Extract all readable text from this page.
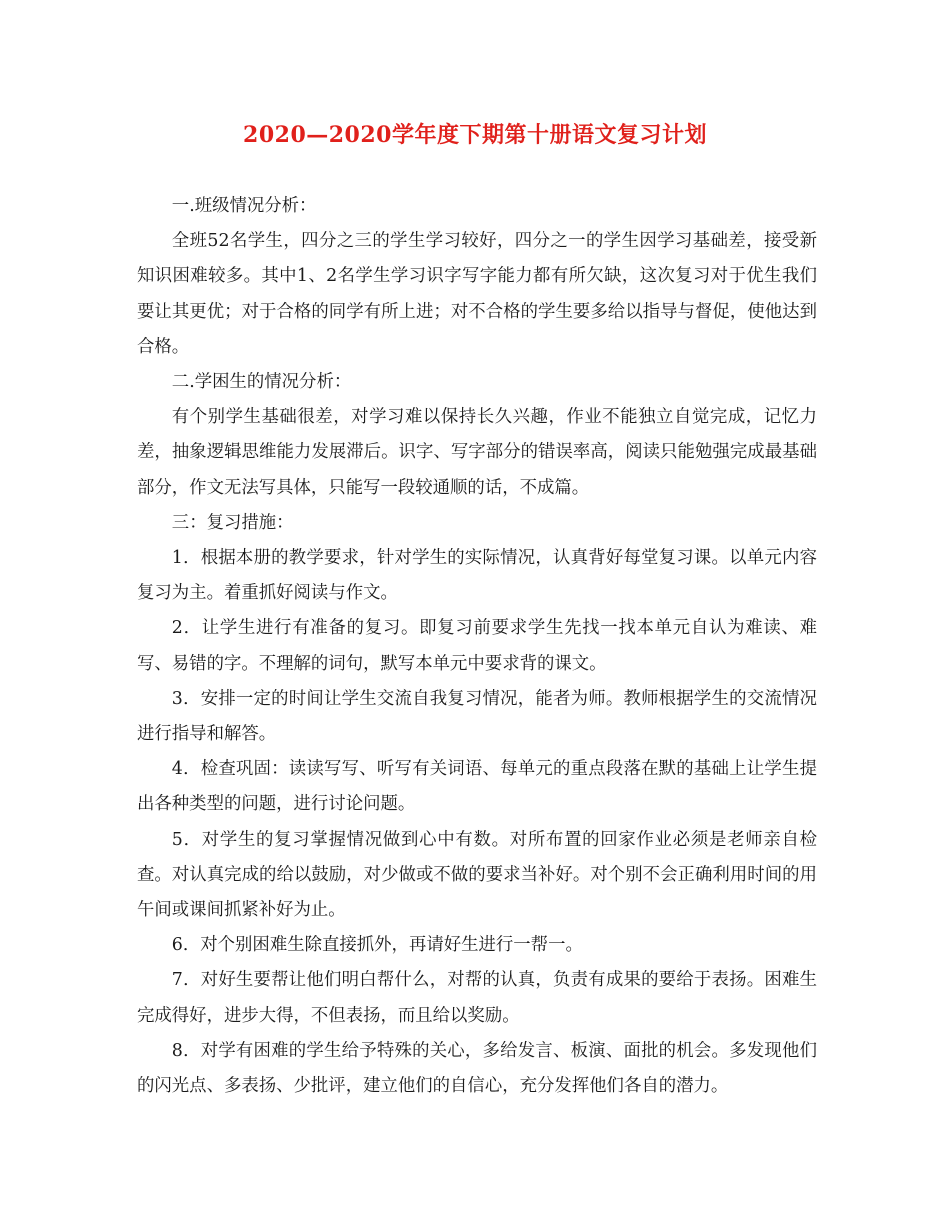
2020—2020学年度下期第十册语文复习计划

一.班级情况分析：

全班52名学生，四分之三的学生学习较好，四分之一的学生因学习基础差，接受新知识困难较多。其中1、2名学生学习识字写字能力都有所欠缺，这次复习对于优生我们要让其更优；对于合格的同学有所上进；对不合格的学生要多给以指导与督促，使他达到合格。

二.学困生的情况分析：

有个别学生基础很差，对学习难以保持长久兴趣，作业不能独立自觉完成，记忆力差，抽象逻辑思维能力发展滞后。识字、写字部分的错误率高，阅读只能勉强完成最基础部分，作文无法写具体，只能写一段较通顺的话，不成篇。

三：复习措施：

1．根据本册的教学要求，针对学生的实际情况，认真背好每堂复习课。以单元内容复习为主。着重抓好阅读与作文。

2．让学生进行有准备的复习。即复习前要求学生先找一找本单元自认为难读、难写、易错的字。不理解的词句，默写本单元中要求背的课文。

3．安排一定的时间让学生交流自我复习情况，能者为师。教师根据学生的交流情况进行指导和解答。

4．检查巩固：读读写写、听写有关词语、每单元的重点段落在默的基础上让学生提出各种类型的问题，进行讨论问题。

5．对学生的复习掌握情况做到心中有数。对所布置的回家作业必须是老师亲自检查。对认真完成的给以鼓励，对少做或不做的要求当补好。对个别不会正确利用时间的用午间或课间抓紧补好为止。

6．对个别困难生除直接抓外，再请好生进行一帮一。

7．对好生要帮让他们明白帮什么，对帮的认真，负责有成果的要给于表扬。困难生完成得好，进步大得，不但表扬，而且给以奖励。

8．对学有困难的学生给予特殊的关心，多给发言、板演、面批的机会。多发现他们的闪光点、多表扬、少批评，建立他们的自信心，充分发挥他们各自的潜力。
